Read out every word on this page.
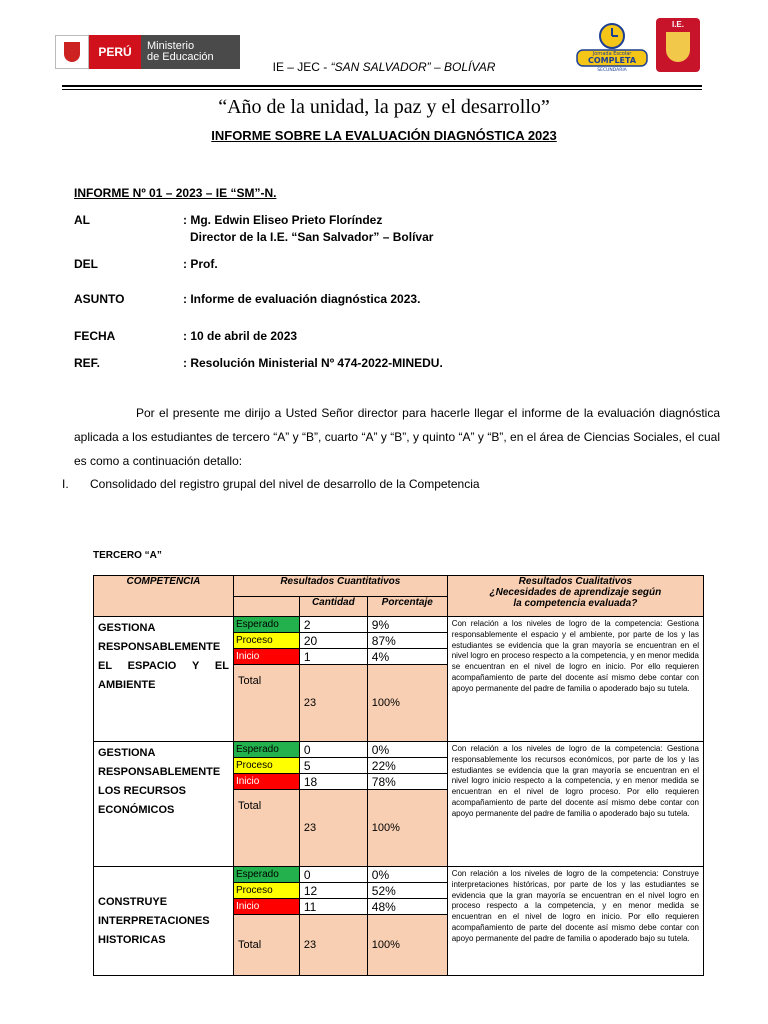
PERÚ	Ministerio
de Educación
IE – JEC - “SAN SALVADOR” – BOLÍVAR
Jornada Escolar
COMPLETA
SECUNDARIA
I.E.
“Año de la unidad, la paz y el desarrollo”
INFORME SOBRE LA EVALUACIÓN DIAGNÓSTICA 2023
INFORME Nº 01 – 2023 – IE “SM”-N.
AL	: Mg. Edwin Eliseo Prieto Floríndez
Director de la I.E. “San Salvador” – Bolívar
DEL	: Prof.
ASUNTO	: Informe de evaluación diagnóstica 2023.
FECHA	: 10 de abril de 2023
REF.	: Resolución Ministerial Nº 474-2022-MINEDU.
Por el presente me dirijo a Usted Señor director para hacerle llegar el informe de la evaluación diagnóstica aplicada a los estudiantes de tercero “A” y “B”, cuarto “A” y “B”, y quinto “A” y “B”, en el área de Ciencias Sociales, el cual es como a continuación detallo:
I. Consolidado del registro grupal del nivel de desarrollo de la Competencia
TERCERO “A”
COMPETENCIA	Resultados Cuantitativos			Resultados Cualitativos
¿Necesidades de aprendizaje según
la competencia evaluada?

		Cantidad	Porcentaje	
GESTIONA RESPONSABLEMENTE EL ESPACIO Y EL AMBIENTE	Esperado	2	9%	Con relación a los niveles de logro de la competencia: Gestiona responsablemente el espacio y el ambiente, por parte de los y las estudiantes se evidencia que la gran mayoría se encuentran en el nivel logro en proceso respecto a la competencia, y en menor medida se encuentran en el nivel de logro en inicio. Por ello requieren acompañamiento de parte del docente así mismo debe contar con apoyo permanente del padre de familia o apoderado bajo su tutela.
	Proceso	20	87%	
	Inicio	1	4%	
	Total	23	100%	
GESTIONA RESPONSABLEMENTE LOS RECURSOS ECONÓMICOS	Esperado	0	0%	Con relación a los niveles de logro de la competencia: Gestiona responsablemente los recursos económicos, por parte de los y las estudiantes se evidencia que la gran mayoría se encuentran en el nivel logro inicio respecto a la competencia, y en menor medida se encuentran en el nivel de logro proceso. Por ello requieren acompañamiento de parte del docente así mismo debe contar con apoyo permanente del padre de familia o apoderado bajo su tutela.
	Proceso	5	22%	
	Inicio	18	78%	
	Total	23	100%	
CONSTRUYE INTERPRETACIONES HISTORICAS	Esperado	0	0%	Con relación a los niveles de logro de la competencia: Construye interpretaciones históricas, por parte de los y las estudiantes se evidencia que la gran mayoría se encuentran en el nivel logro en proceso respecto a la competencia, y en menor medida se encuentran en el nivel de logro en inicio. Por ello requieren acompañamiento de parte del docente así mismo debe contar con apoyo permanente del padre de familia o apoderado bajo su tutela.
	Proceso	12	52%	
	Inicio	11	48%	
	Total	23	100%	
